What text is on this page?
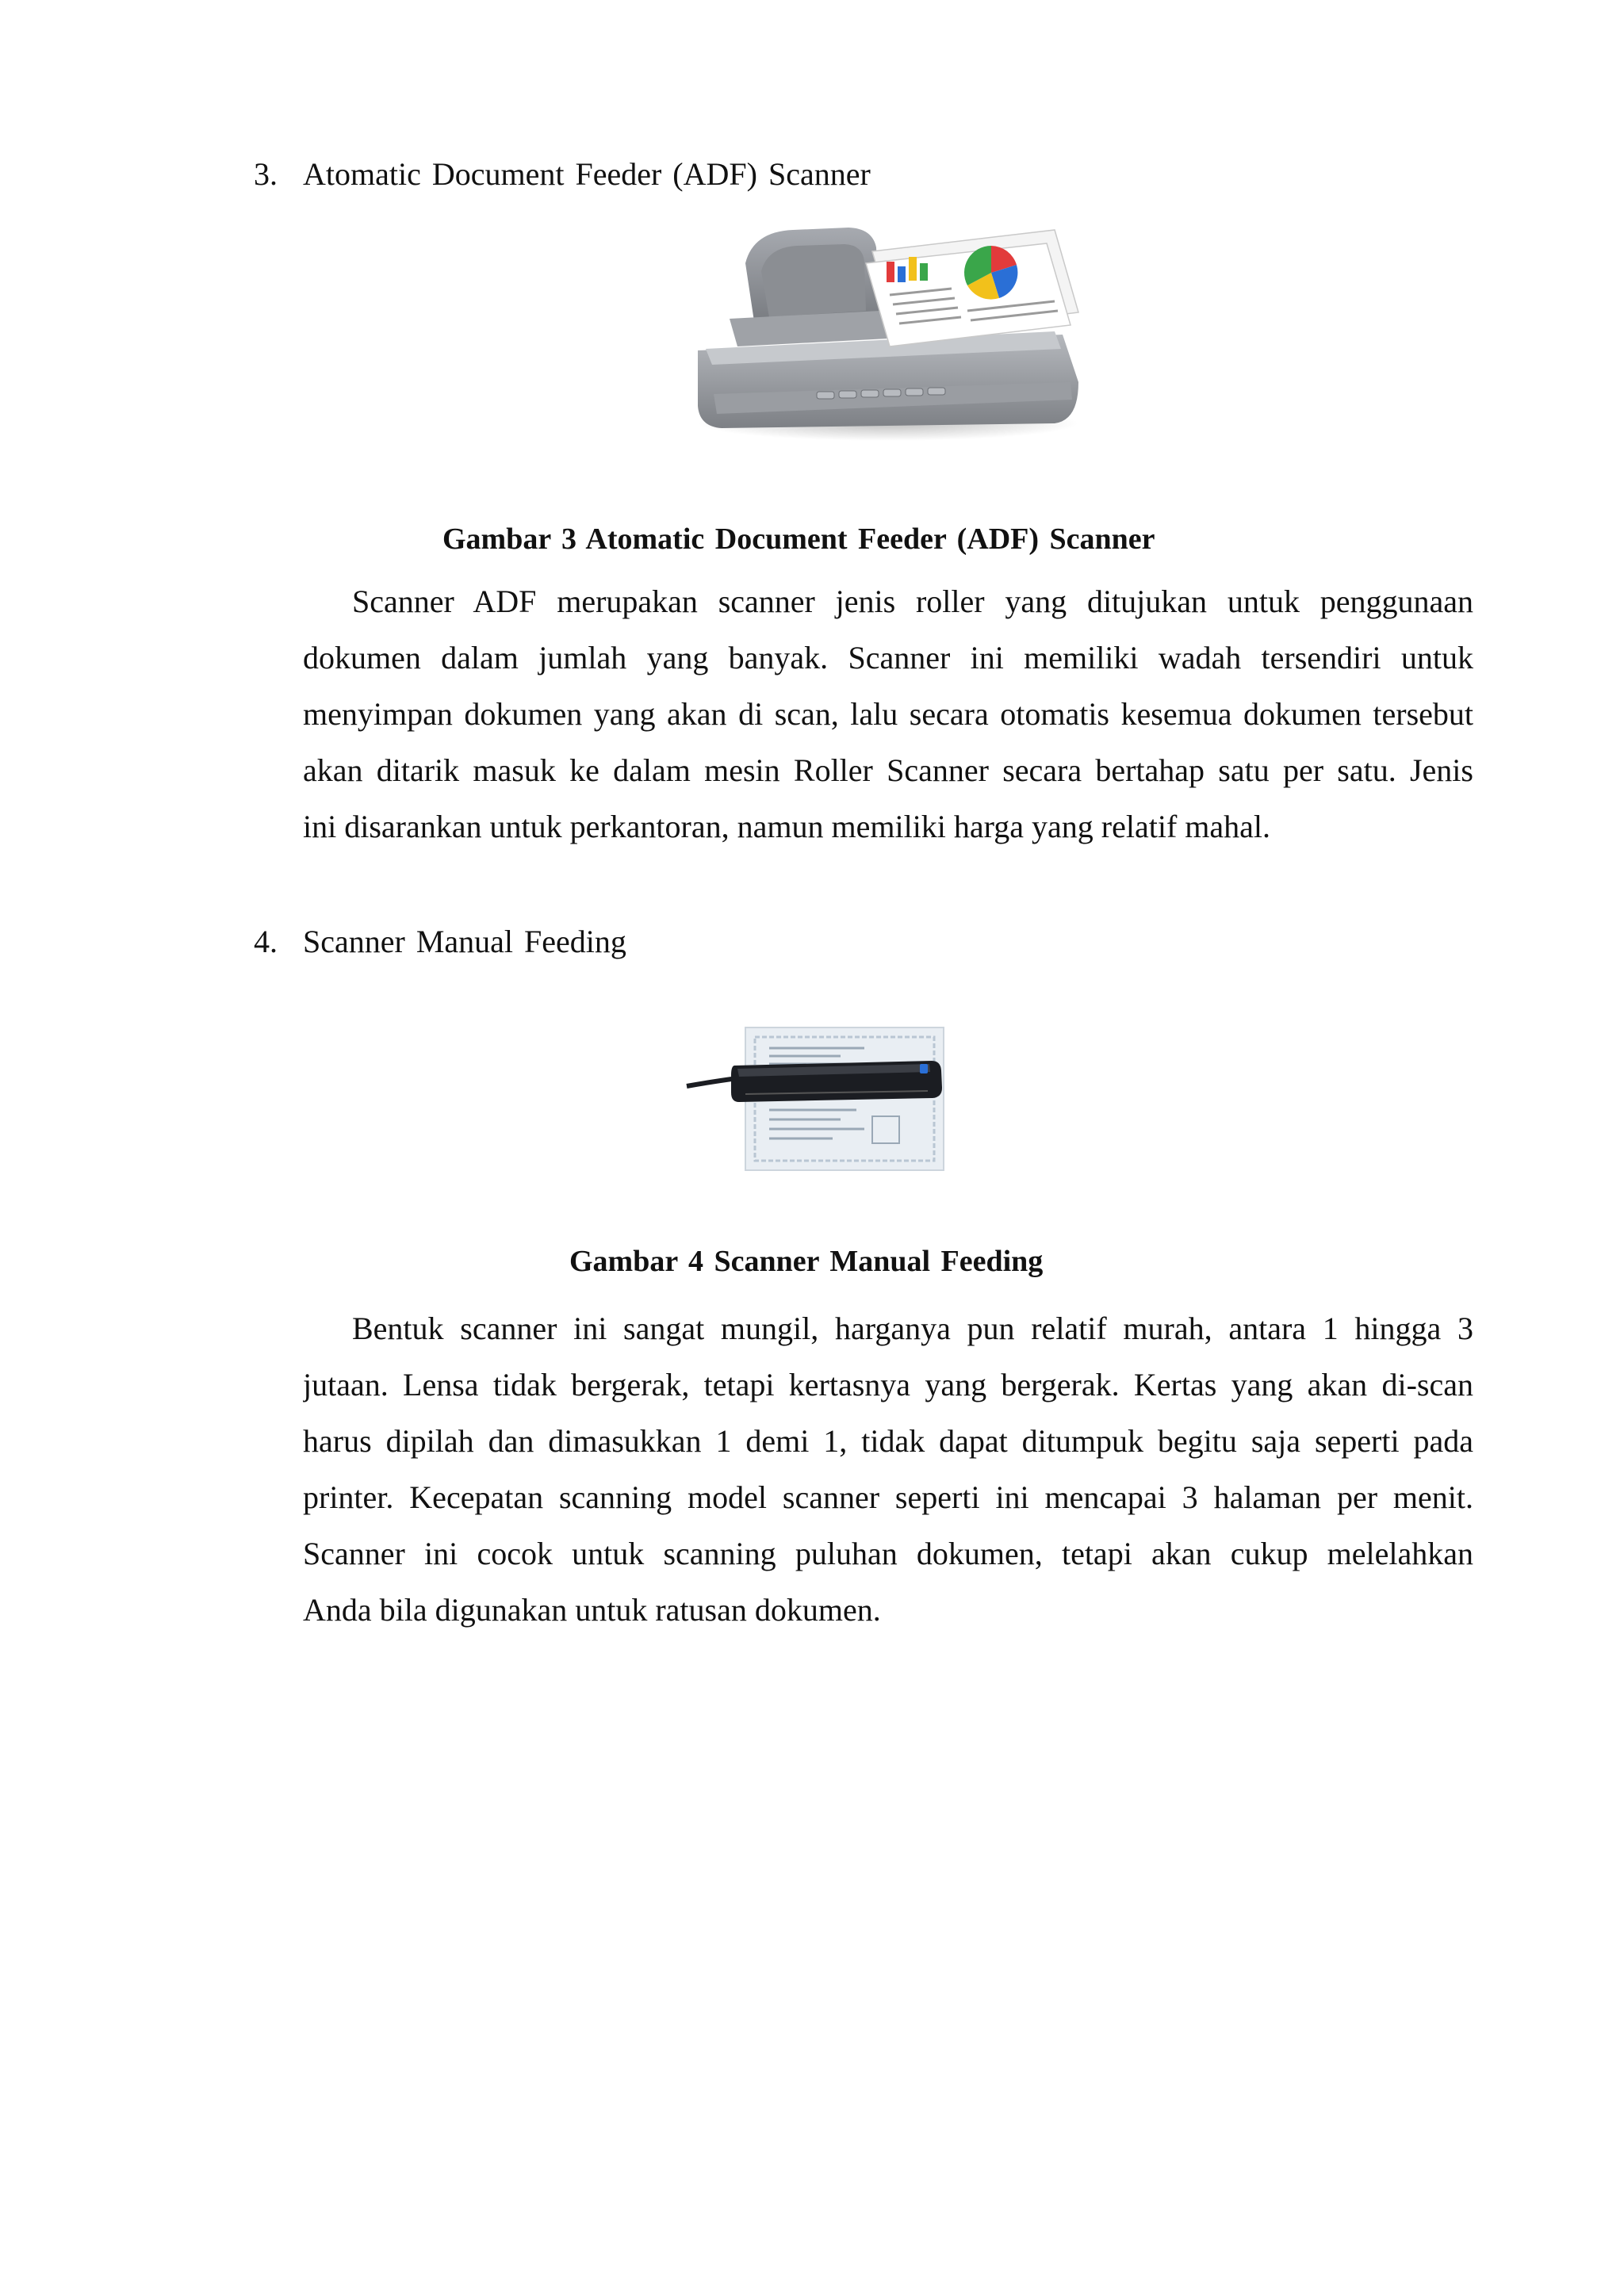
3. Atomatic Document Feeder (ADF) Scanner
Gambar 3 Atomatic Document Feeder (ADF) Scanner
Scanner ADF merupakan scanner jenis roller yang ditujukan untuk penggunaan
dokumen dalam jumlah yang banyak. Scanner ini memiliki wadah tersendiri untuk
menyimpan dokumen yang akan di scan, lalu secara otomatis kesemua dokumen tersebut
akan ditarik masuk ke dalam mesin Roller Scanner secara bertahap satu per satu. Jenis
ini disarankan untuk perkantoran, namun memiliki harga yang relatif mahal.
4. Scanner Manual Feeding
Gambar 4 Scanner Manual Feeding
Bentuk scanner ini sangat mungil, harganya pun relatif murah, antara 1 hingga 3
jutaan. Lensa tidak bergerak, tetapi kertasnya yang bergerak. Kertas yang akan di-scan
harus dipilah dan dimasukkan 1 demi 1, tidak dapat ditumpuk begitu saja seperti pada
printer. Kecepatan scanning model scanner seperti ini mencapai 3 halaman per menit.
Scanner ini cocok untuk scanning puluhan dokumen, tetapi akan cukup melelahkan
Anda bila digunakan untuk ratusan dokumen.
